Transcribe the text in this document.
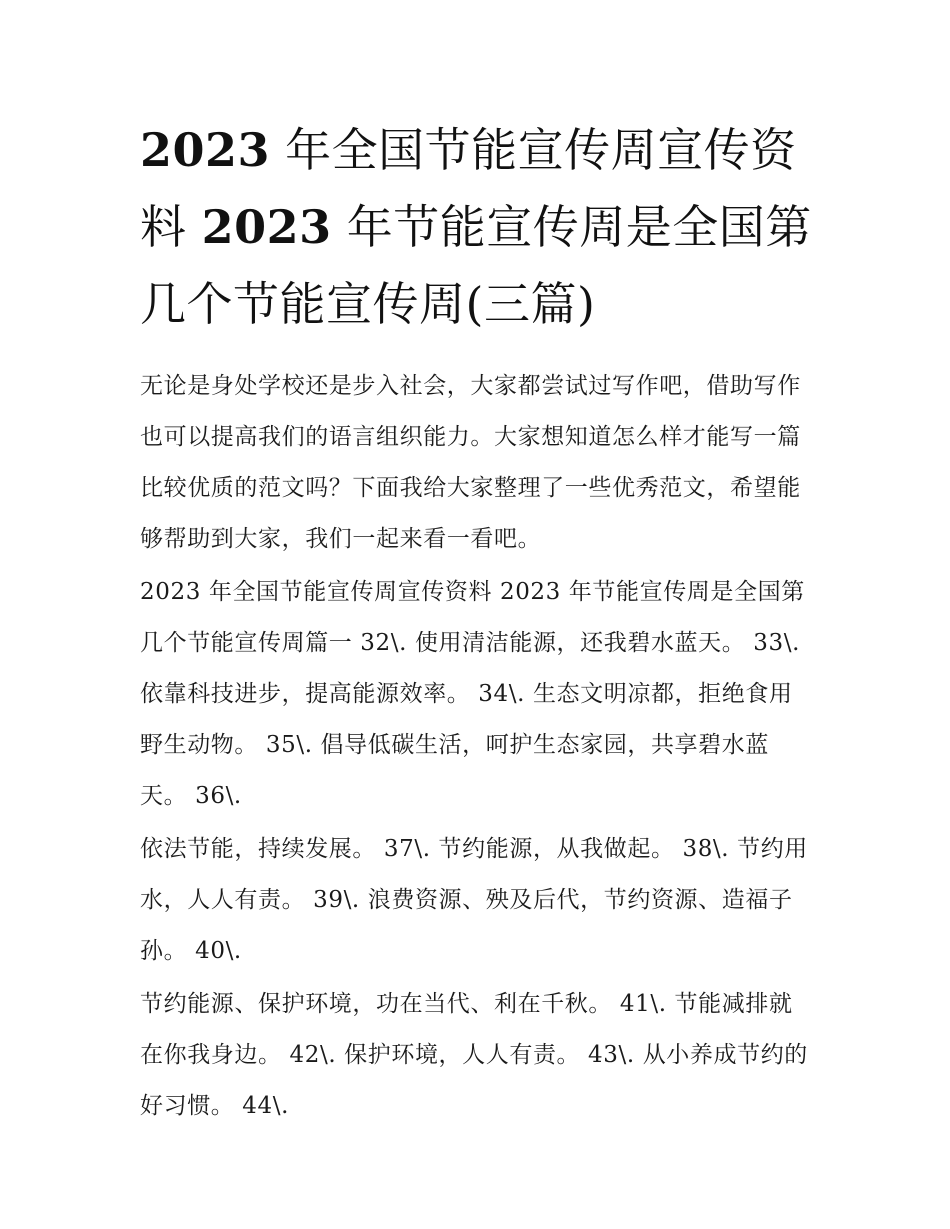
2023 年全国节能宣传周宣传资料 2023 年节能宣传周是全国第几个节能宣传周(三篇)

无论是身处学校还是步入社会，大家都尝试过写作吧，借助写作也可以提高我们的语言组织能力。大家想知道怎么样才能写一篇比较优质的范文吗？下面我给大家整理了一些优秀范文，希望能够帮助到大家，我们一起来看一看吧。

2023 年全国节能宣传周宣传资料 2023 年节能宣传周是全国第几个节能宣传周篇一 32\. 使用清洁能源，还我碧水蓝天。 33\. 依靠科技进步，提高能源效率。 34\. 生态文明凉都，拒绝食用野生动物。 35\. 倡导低碳生活，呵护生态家园，共享碧水蓝天。 36\.

依法节能，持续发展。 37\. 节约能源，从我做起。 38\. 节约用水，人人有责。 39\. 浪费资源、殃及后代，节约资源、造福子孙。 40\.

节约能源、保护环境，功在当代、利在千秋。 41\. 节能减排就在你我身边。 42\. 保护环境，人人有责。 43\. 从小养成节约的好习惯。 44\.
